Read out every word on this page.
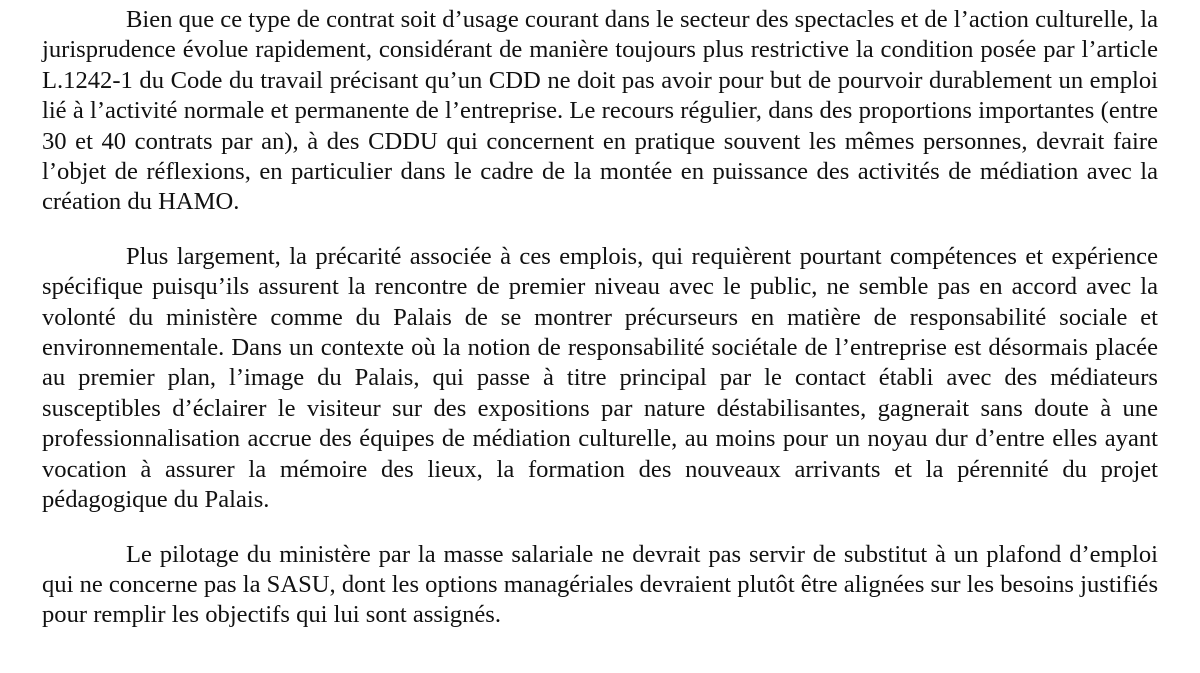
Bien que ce type de contrat soit d’usage courant dans le secteur des spectacles et de l’action culturelle, la jurisprudence évolue rapidement, considérant de manière toujours plus restrictive la condition posée par l’article L.1242-1 du Code du travail précisant qu’un CDD ne doit pas avoir pour but de pourvoir durablement un emploi lié à l’activité normale et permanente de l’entreprise. Le recours régulier, dans des proportions importantes (entre 30 et 40 contrats par an), à des CDDU qui concernent en pratique souvent les mêmes personnes, devrait faire l’objet de réflexions, en particulier dans le cadre de la montée en puissance des activités de médiation avec la création du HAMO.

Plus largement, la précarité associée à ces emplois, qui requièrent pourtant compétences et expérience spécifique puisqu’ils assurent la rencontre de premier niveau avec le public, ne semble pas en accord avec la volonté du ministère comme du Palais de se montrer précurseurs en matière de responsabilité sociale et environnementale. Dans un contexte où la notion de responsabilité sociétale de l’entreprise est désormais placée au premier plan, l’image du Palais, qui passe à titre principal par le contact établi avec des médiateurs susceptibles d’éclairer le visiteur sur des expositions par nature déstabilisantes, gagnerait sans doute à une professionnalisation accrue des équipes de médiation culturelle, au moins pour un noyau dur d’entre elles ayant vocation à assurer la mémoire des lieux, la formation des nouveaux arrivants et la pérennité du projet pédagogique du Palais.

Le pilotage du ministère par la masse salariale ne devrait pas servir de substitut à un plafond d’emploi qui ne concerne pas la SASU, dont les options managériales devraient plutôt être alignées sur les besoins justifiés pour remplir les objectifs qui lui sont assignés.
